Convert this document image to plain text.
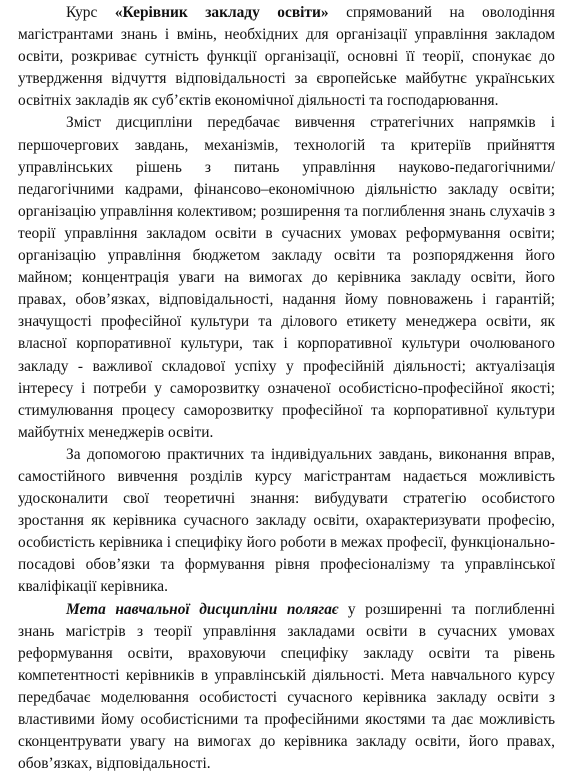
Курс «Керівник закладу освіти» спрямований на оволодіння магістрантами знань і вмінь, необхідних для організації управління закладом освіти, розкриває сутність функції організації, основні її теорії, спонукає до утвердження відчуття відповідальності за європейське майбутнє українських освітніх закладів як суб’єктів економічної діяльності та господарювання.

Зміст дисципліни передбачає вивчення стратегічних напрямків і першочергових завдань, механізмів, технологій та критеріїв прийняття управлінських рішень з питань управління науково-педагогічними/педагогічними кадрами, фінансово–економічною діяльністю закладу освіти; організацію управління колективом; розширення та поглиблення знань слухачів з теорії управління закладом освіти в сучасних умовах реформування освіти; організацію управління бюджетом закладу освіти та розпорядження його майном; концентрація уваги на вимогах до керівника закладу освіти, його правах, обов’язках, відповідальності, надання йому повноважень і гарантій; значущості професійної культури та ділового етикету менеджера освіти, як власної корпоративної культури, так і корпоративної культури очолюваного закладу - важливої складової успіху у професійній діяльності; актуалізація інтересу і потреби у саморозвитку означеної особистісно-професійної якості; стимулювання процесу саморозвитку професійної та корпоративної культури майбутніх менеджерів освіти.

За допомогою практичних та індивідуальних завдань, виконання вправ, самостійного вивчення розділів курсу магістрантам надається можливість удосконалити свої теоретичні знання: вибудувати стратегію особистого зростання як керівника сучасного закладу освіти, охарактеризувати професію, особистість керівника і специфіку його роботи в межах професії, функціонально-посадові обов’язки та формування рівня професіоналізму та управлінської кваліфікації керівника.

Мета навчальної дисципліни полягає у розширенні та поглибленні знань магістрів з теорії управління закладами освіти в сучасних умовах реформування освіти, враховуючи специфіку закладу освіти та рівень компетентності керівників в управлінській діяльності. Мета навчального курсу передбачає моделювання особистості сучасного керівника закладу освіти з властивими йому особистісними та професійними якостями та дає можливість сконцентрувати увагу на вимогах до керівника закладу освіти, його правах, обов’язках, відповідальності.
